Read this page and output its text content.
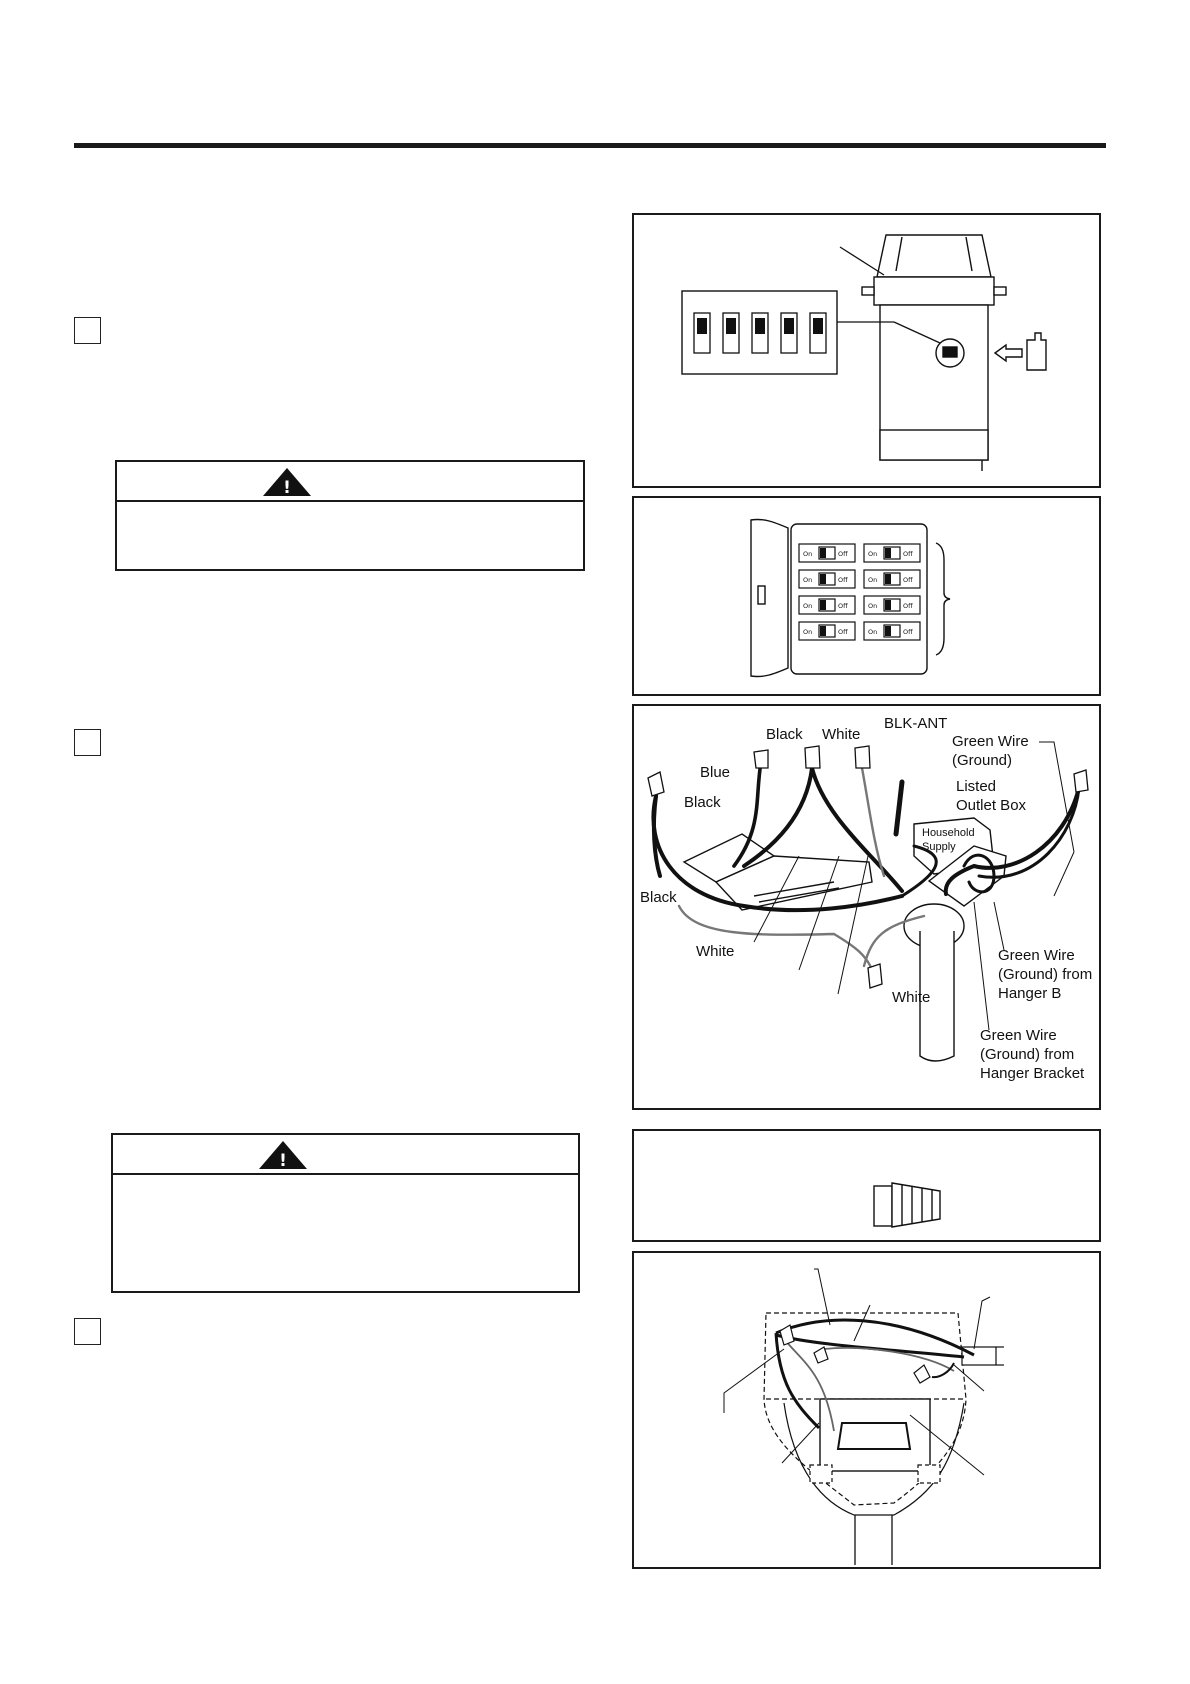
!
!
On	Off
On	Off
On	Off
On	Off
On	Off
On	Off
On	Off
On	Off
Black White
BLK-ANT
Green Wire (Ground)
Blue
Black
Listed Outlet Box
Household Supply
Black
White
White
Green Wire (Ground) from Hanger B
Green Wire (Ground) from Hanger Bracket
